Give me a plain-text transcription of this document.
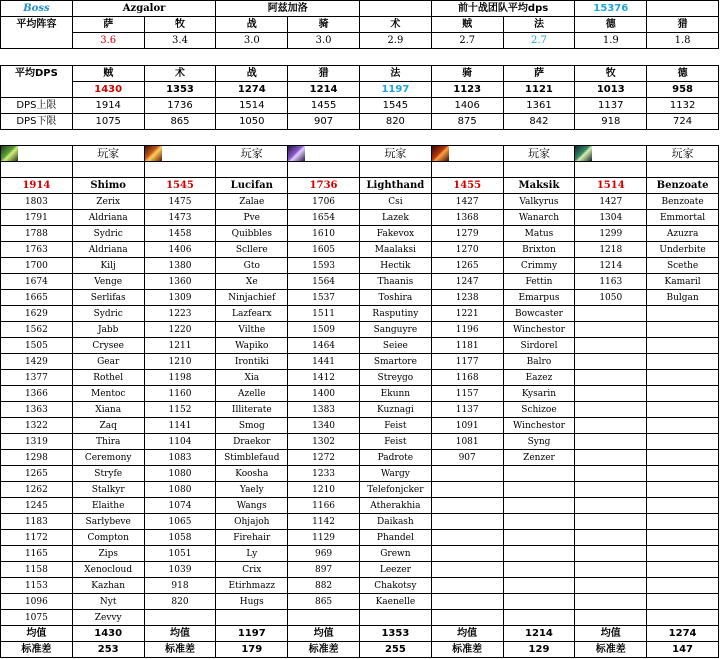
Boss	Azgalor		阿兹加洛			前十战团队平均dps		15376	
平均阵容	萨	牧	战	骑	术	贼	法	德	猎
	3.6	3.4	3.0	3.0	2.9	2.7	2.7	1.9	1.8

平均DPS	贼	术	战	猎	法	骑	萨	牧	德
	1430	1353	1274	1214	1197	1123	1121	1013	958
DPS上限	1914	1736	1514	1455	1545	1406	1361	1137	1132
DPS下限	1075	865	1050	907	820	875	842	918	724

	玩家		玩家		玩家		玩家		玩家

1914	Shimo	1545	Lucifan	1736	Lighthand	1455	Maksik	1514	Benzoate
1803	Zerix	1475	Zalae	1706	Csi	1427	Valkyrus	1427	Benzoate
1791	Aldriana	1473	Pve	1654	Lazek	1368	Wanarch	1304	Emmortal
1788	Sydric	1458	Quibbles	1610	Fakevox	1279	Matus	1299	Azuzra
1763	Aldriana	1406	Scllere	1605	Maalaksi	1270	Brixton	1218	Underbite
1700	Kilj	1380	Gto	1593	Hectik	1265	Crimmy	1214	Scethe
1674	Venge	1360	Xe	1564	Thaanis	1247	Fettin	1163	Kamaril
1665	Serlifas	1309	Ninjachief	1537	Toshira	1238	Emarpus	1050	Bulgan
1629	Sydric	1223	Lazfearx	1511	Rasputiny	1221	Bowcaster		
1562	Jabb	1220	Vilthe	1509	Sanguyre	1196	Winchestor		
1505	Crysee	1211	Wapiko	1464	Seiee	1181	Sirdorel		
1429	Gear	1210	Irontiki	1441	Smartore	1177	Balro		
1377	Rothel	1198	Xia	1412	Streygo	1168	Eazez		
1366	Mentoc	1160	Azelle	1400	Ekunn	1157	Kysarin		
1363	Xiana	1152	Illiterate	1383	Kuznagi	1137	Schizoe		
1322	Zaq	1141	Smog	1340	Feist	1091	Winchestor		
1319	Thira	1104	Draekor	1302	Feist	1081	Syng		
1298	Ceremony	1083	Stimblefaud	1272	Padrote	907	Zenzer		
1265	Stryfe	1080	Koosha	1233	Wargy				
1262	Stalkyr	1080	Yaely	1210	Telefonjcker				
1245	Elaithe	1074	Wangs	1166	Atherakhia				
1183	Sarlybeve	1065	Ohjajoh	1142	Daikash				
1172	Compton	1058	Firehair	1129	Phandel				
1165	Zips	1051	Ly	969	Grewn				
1158	Xenocloud	1039	Crix	897	Leezer				
1153	Kazhan	918	Etirhmazz	882	Chakotsy				
1096	Nyt	820	Hugs	865	Kaenelle				
1075	Zevvy								
均值	1430	均值	1197	均值	1353	均值	1214	均值	1274
标准差	253	标准差	179	标准差	255	标准差	129	标准差	147
